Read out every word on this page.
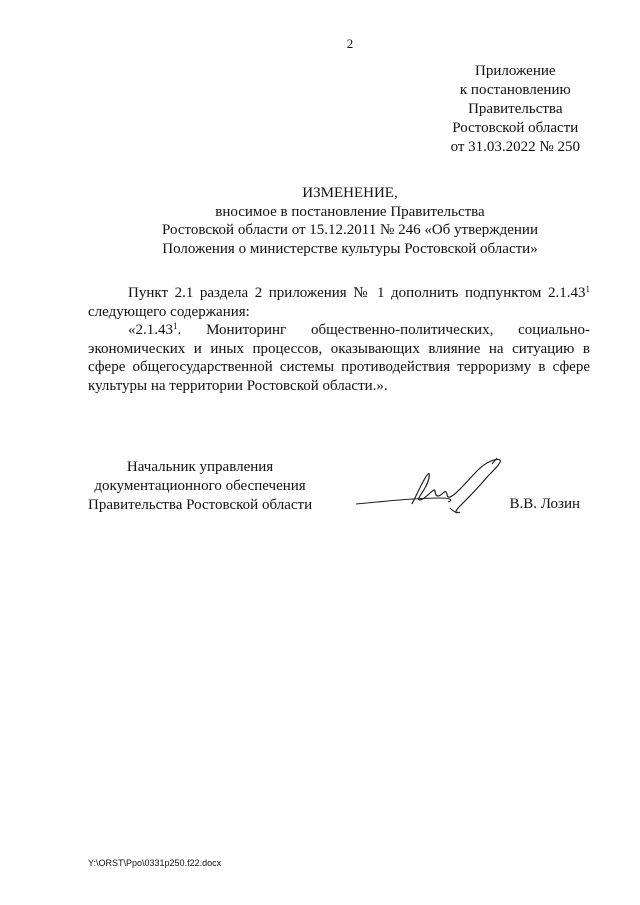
2
Приложение
к постановлению
Правительства
Ростовской области
от 31.03.2022 № 250
ИЗМЕНЕНИЕ,
вносимое в постановление Правительства
Ростовской области от 15.12.2011 № 246 «Об утверждении
Положения о министерстве культуры Ростовской области»

Пункт 2.1 раздела 2 приложения № 1 дополнить подпунктом 2.1.43$^1$ следующего содержания:

«2.1.43$^1$. Мониторинг общественно-политических, социально-экономических и иных процессов, оказывающих влияние на ситуацию в сфере общегосударственной системы противодействия терроризму в сфере культуры на территории Ростовской области.».

Начальник управления
документационного обеспечения
Правительства Ростовской области	В.В. Лозин
Y:\ORST\Ppo\0331p250.f22.docx
